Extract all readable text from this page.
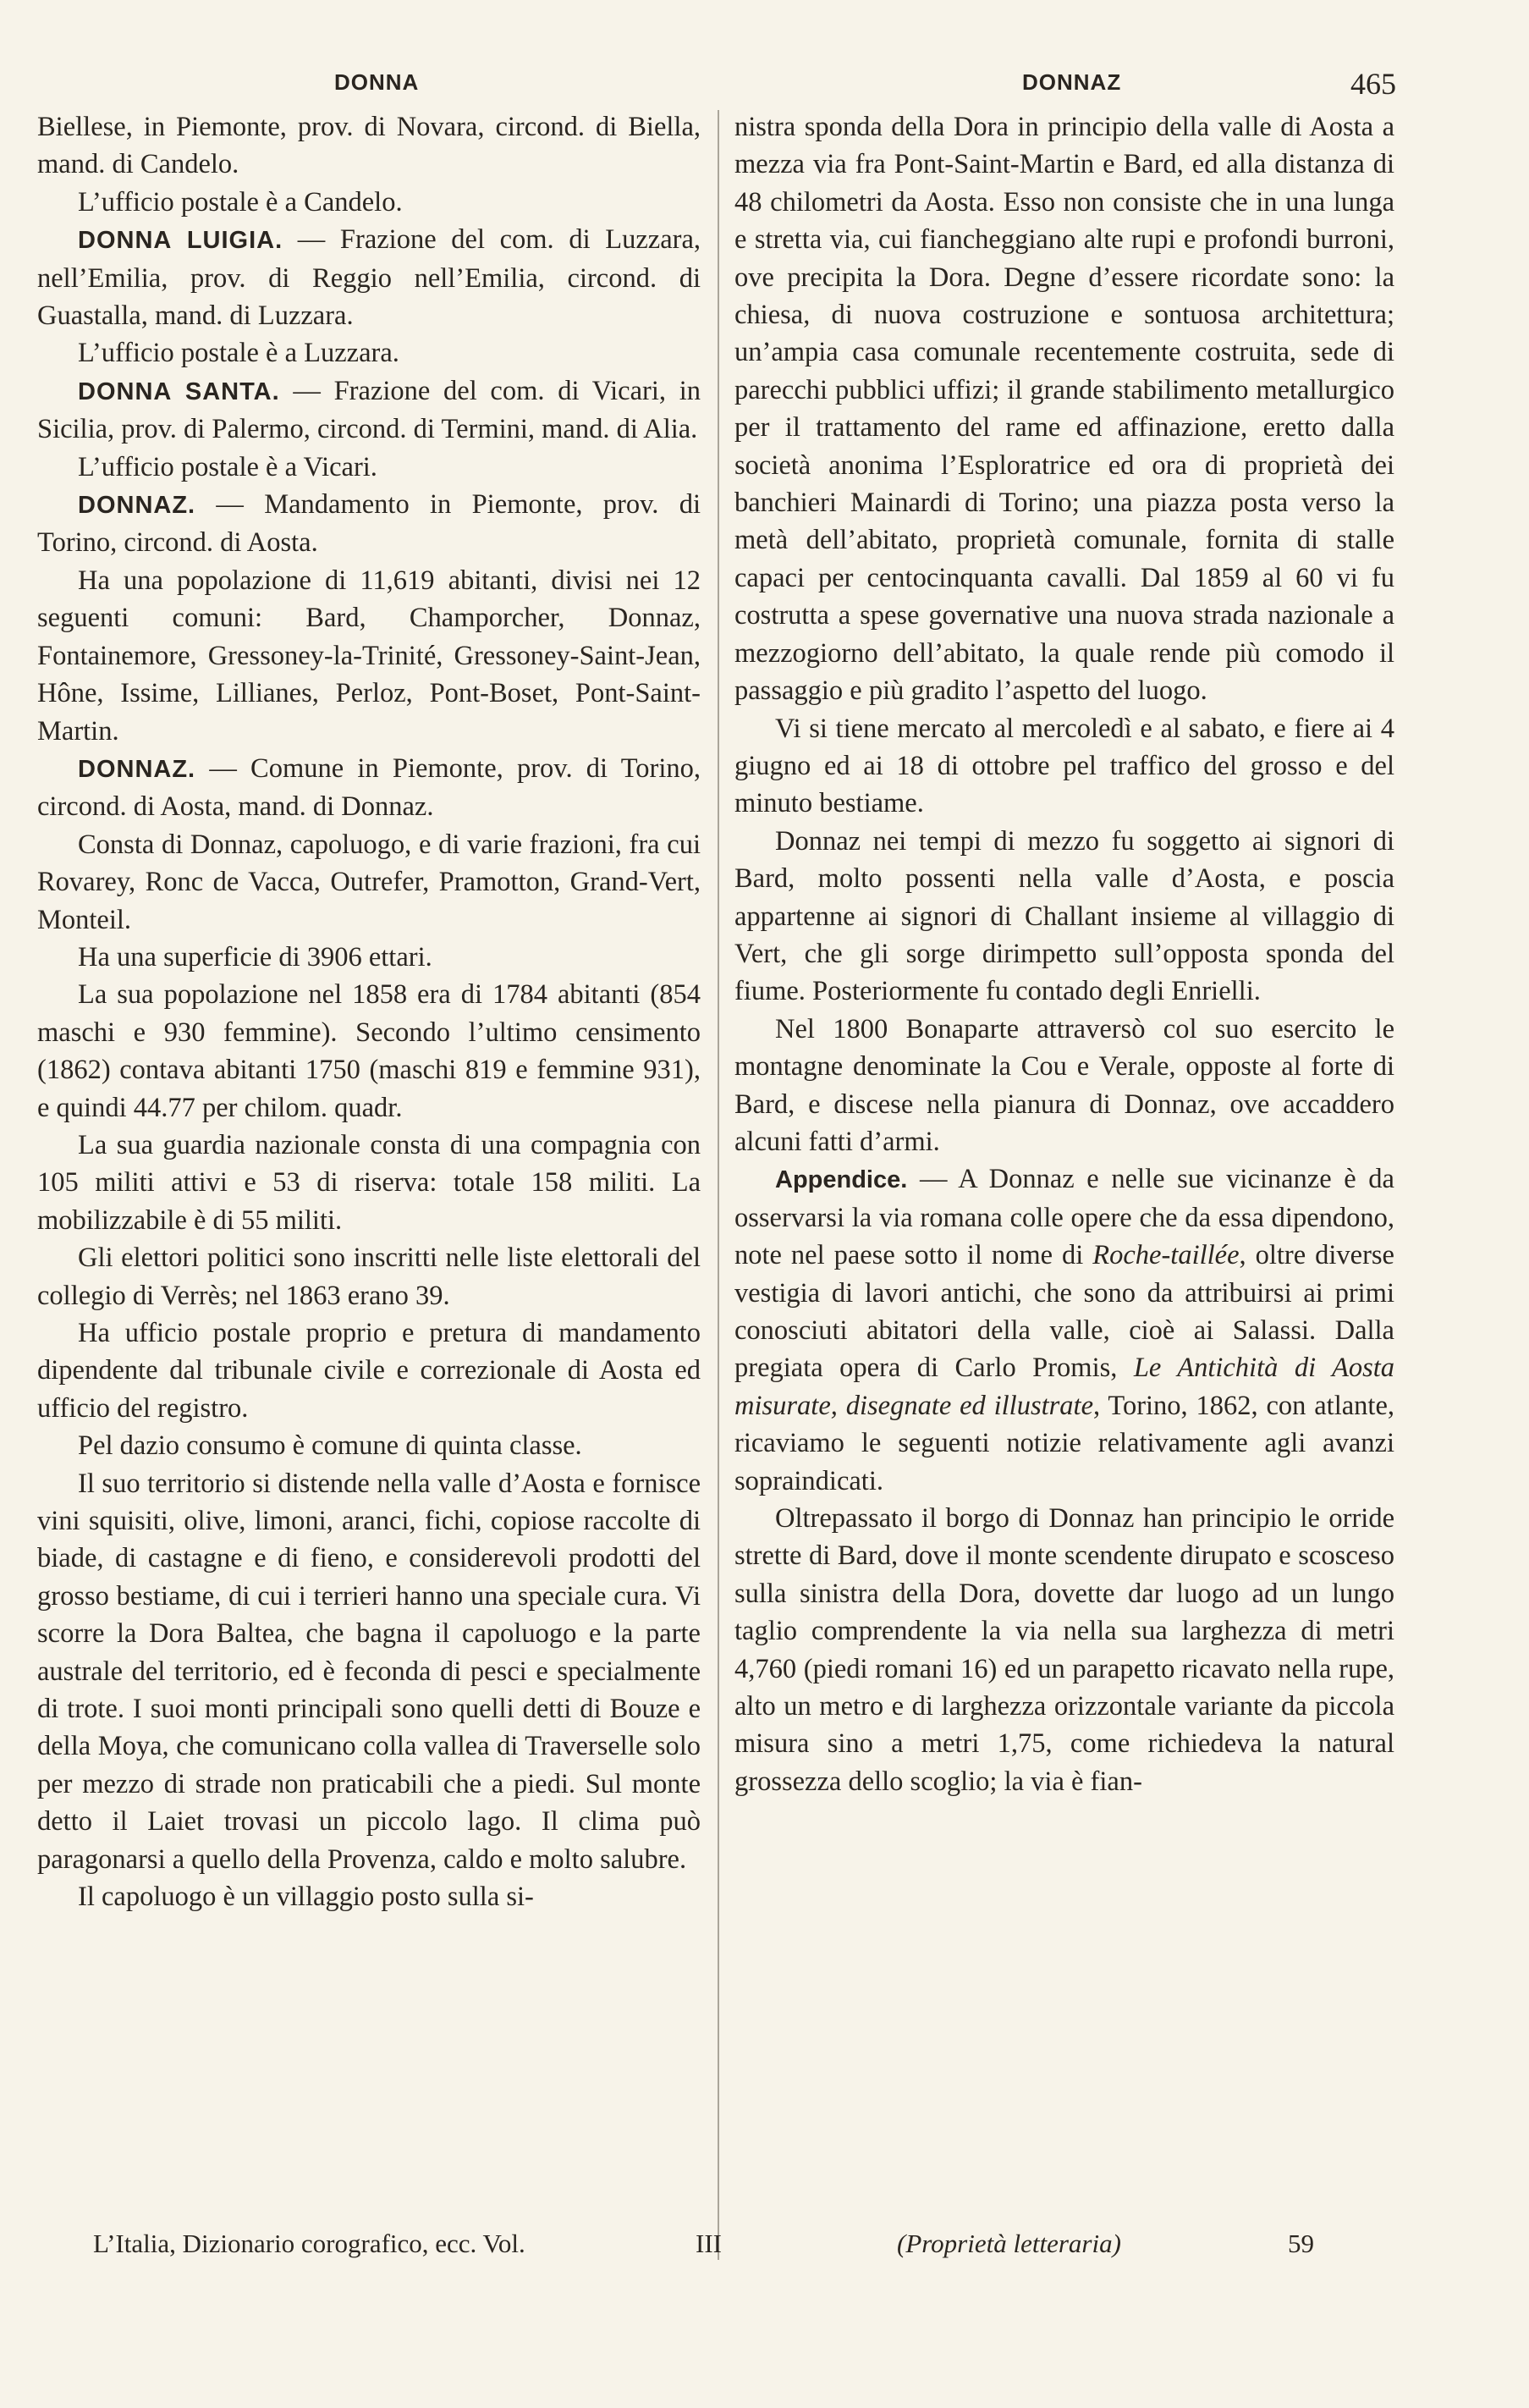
DONNA	DONNAZ	465

Biellese, in Piemonte, prov. di Novara, circond. di Biella, mand. di Candelo.

L’ufficio postale è a Candelo.

DONNA LUIGIA. — Frazione del com. di Luzzara, nell’Emilia, prov. di Reggio nell’Emilia, circond. di Guastalla, mand. di Luzzara.

L’ufficio postale è a Luzzara.

DONNA SANTA. — Frazione del com. di Vicari, in Sicilia, prov. di Palermo, circond. di Termini, mand. di Alia.

L’ufficio postale è a Vicari.

DONNAZ. — Mandamento in Piemonte, prov. di Torino, circond. di Aosta.

Ha una popolazione di 11,619 abitanti, divisi nei 12 seguenti comuni: Bard, Champorcher, Donnaz, Fontainemore, Gressoney-la-Trinité, Gressoney-Saint-Jean, Hône, Issime, Lillianes, Perloz, Pont-Boset, Pont-Saint-Martin.

DONNAZ. — Comune in Piemonte, prov. di Torino, circond. di Aosta, mand. di Donnaz.

Consta di Donnaz, capoluogo, e di varie frazioni, fra cui Rovarey, Ronc de Vacca, Outrefer, Pramotton, Grand-Vert, Monteil.

Ha una superficie di 3906 ettari.

La sua popolazione nel 1858 era di 1784 abitanti (854 maschi e 930 femmine). Secondo l’ultimo censimento (1862) contava abitanti 1750 (maschi 819 e femmine 931), e quindi 44.77 per chilom. quadr.

La sua guardia nazionale consta di una compagnia con 105 militi attivi e 53 di riserva: totale 158 militi. La mobilizzabile è di 55 militi.

Gli elettori politici sono inscritti nelle liste elettorali del collegio di Verrès; nel 1863 erano 39.

Ha ufficio postale proprio e pretura di mandamento dipendente dal tribunale civile e correzionale di Aosta ed ufficio del registro.

Pel dazio consumo è comune di quinta classe.

Il suo territorio si distende nella valle d’Aosta e fornisce vini squisiti, olive, limoni, aranci, fichi, copiose raccolte di biade, di castagne e di fieno, e considerevoli prodotti del grosso bestiame, di cui i terrieri hanno una speciale cura. Vi scorre la Dora Baltea, che bagna il capoluogo e la parte australe del territorio, ed è feconda di pesci e specialmente di trote. I suoi monti principali sono quelli detti di Bouze e della Moya, che comunicano colla vallea di Traverselle solo per mezzo di strade non praticabili che a piedi. Sul monte detto il Laiet trovasi un piccolo lago. Il clima può paragonarsi a quello della Provenza, caldo e molto salubre.

Il capoluogo è un villaggio posto sulla si-

nistra sponda della Dora in principio della valle di Aosta a mezza via fra Pont-Saint-Martin e Bard, ed alla distanza di 48 chilometri da Aosta. Esso non consiste che in una lunga e stretta via, cui fiancheggiano alte rupi e profondi burroni, ove precipita la Dora. Degne d’essere ricordate sono: la chiesa, di nuova costruzione e sontuosa architettura; un’ampia casa comunale recentemente costruita, sede di parecchi pubblici uffizi; il grande stabilimento metallurgico per il trattamento del rame ed affinazione, eretto dalla società anonima l’Esploratrice ed ora di proprietà dei banchieri Mainardi di Torino; una piazza posta verso la metà dell’abitato, proprietà comunale, fornita di stalle capaci per centocinquanta cavalli. Dal 1859 al 60 vi fu costrutta a spese governative una nuova strada nazionale a mezzogiorno dell’abitato, la quale rende più comodo il passaggio e più gradito l’aspetto del luogo.

Vi si tiene mercato al mercoledì e al sabato, e fiere ai 4 giugno ed ai 18 di ottobre pel traffico del grosso e del minuto bestiame.

Donnaz nei tempi di mezzo fu soggetto ai signori di Bard, molto possenti nella valle d’Aosta, e poscia appartenne ai signori di Challant insieme al villaggio di Vert, che gli sorge dirimpetto sull’opposta sponda del fiume. Posteriormente fu contado degli Enrielli.

Nel 1800 Bonaparte attraversò col suo esercito le montagne denominate la Cou e Verale, opposte al forte di Bard, e discese nella pianura di Donnaz, ove accaddero alcuni fatti d’armi.

Appendice. — A Donnaz e nelle sue vicinanze è da osservarsi la via romana colle opere che da essa dipendono, note nel paese sotto il nome di Roche-taillée, oltre diverse vestigia di lavori antichi, che sono da attribuirsi ai primi conosciuti abitatori della valle, cioè ai Salassi. Dalla pregiata opera di Carlo Promis, Le Antichità di Aosta misurate, disegnate ed illustrate, Torino, 1862, con atlante, ricaviamo le seguenti notizie relativamente agli avanzi sopraindicati.

Oltrepassato il borgo di Donnaz han principio le orride strette di Bard, dove il monte scendente dirupato e scosceso sulla sinistra della Dora, dovette dar luogo ad un lungo taglio comprendente la via nella sua larghezza di metri 4,760 (piedi romani 16) ed un parapetto ricavato nella rupe, alto un metro e di larghezza orizzontale variante da piccola misura sino a metri 1,75, come richiedeva la natural grossezza dello scoglio; la via è fian-

L’Italia, Dizionario corografico, ecc. Vol.	III	(Proprietà letteraria)	59
